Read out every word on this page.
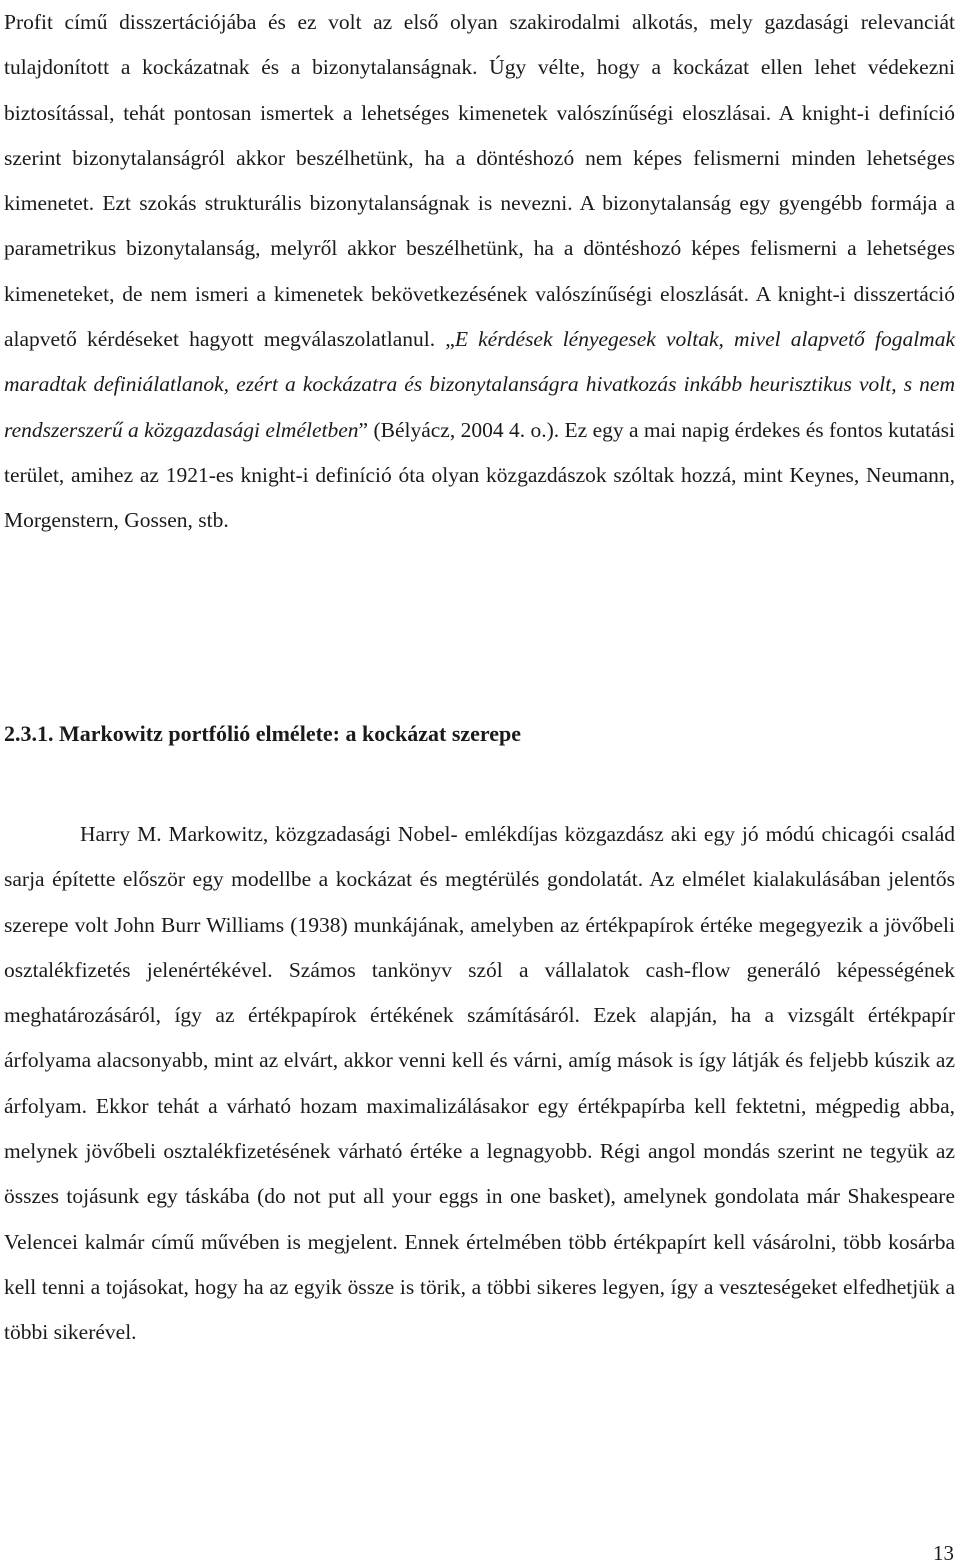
Profit című disszertációjába és ez volt az első olyan szakirodalmi alkotás, mely gazdasági relevanciát tulajdonított a kockázatnak és a bizonytalanságnak. Úgy vélte, hogy a kockázat ellen lehet védekezni biztosítással, tehát pontosan ismertek a lehetséges kimenetek valószínűségi eloszlásai. A knight-i definíció szerint bizonytalanságról akkor beszélhetünk, ha a döntéshozó nem képes felismerni minden lehetséges kimenetet. Ezt szokás strukturális bizonytalanságnak is nevezni. A bizonytalanság egy gyengébb formája a parametrikus bizonytalanság, melyről akkor beszélhetünk, ha a döntéshozó képes felismerni a lehetséges kimeneteket, de nem ismeri a kimenetek bekövetkezésének valószínűségi eloszlását. A knight-i disszertáció alapvető kérdéseket hagyott megválaszolatlanul. „E kérdések lényegesek voltak, mivel alapvető fogalmak maradtak definiálatlanok, ezért a kockázatra és bizonytalanságra hivatkozás inkább heurisztikus volt, s nem rendszerszerű a közgazdasági elméletben” (Bélyácz, 2004 4. o.). Ez egy a mai napig érdekes és fontos kutatási terület, amihez az 1921-es knight-i definíció óta olyan közgazdászok szóltak hozzá, mint Keynes, Neumann, Morgenstern, Gossen, stb.

2.3.1. Markowitz portfólió elmélete: a kockázat szerepe

Harry M. Markowitz, közgzadasági Nobel- emlékdíjas közgazdász aki egy jó módú chicagói család sarja építette először egy modellbe a kockázat és megtérülés gondolatát. Az elmélet kialakulásában jelentős szerepe volt John Burr Williams (1938) munkájának, amelyben az értékpapírok értéke megegyezik a jövőbeli osztalékfizetés jelenértékével. Számos tankönyv szól a vállalatok cash-flow generáló képességének meghatározásáról, így az értékpapírok értékének számításáról. Ezek alapján, ha a vizsgált értékpapír árfolyama alacsonyabb, mint az elvárt, akkor venni kell és várni, amíg mások is így látják és feljebb kúszik az árfolyam. Ekkor tehát a várható hozam maximalizálásakor egy értékpapírba kell fektetni, mégpedig abba, melynek jövőbeli osztalékfizetésének várható értéke a legnagyobb. Régi angol mondás szerint ne tegyük az összes tojásunk egy táskába (do not put all your eggs in one basket), amelynek gondolata már Shakespeare Velencei kalmár című művében is megjelent. Ennek értelmében több értékpapírt kell vásárolni, több kosárba kell tenni a tojásokat, hogy ha az egyik össze is törik, a többi sikeres legyen, így a veszteségeket elfedhetjük a többi sikerével.

13
